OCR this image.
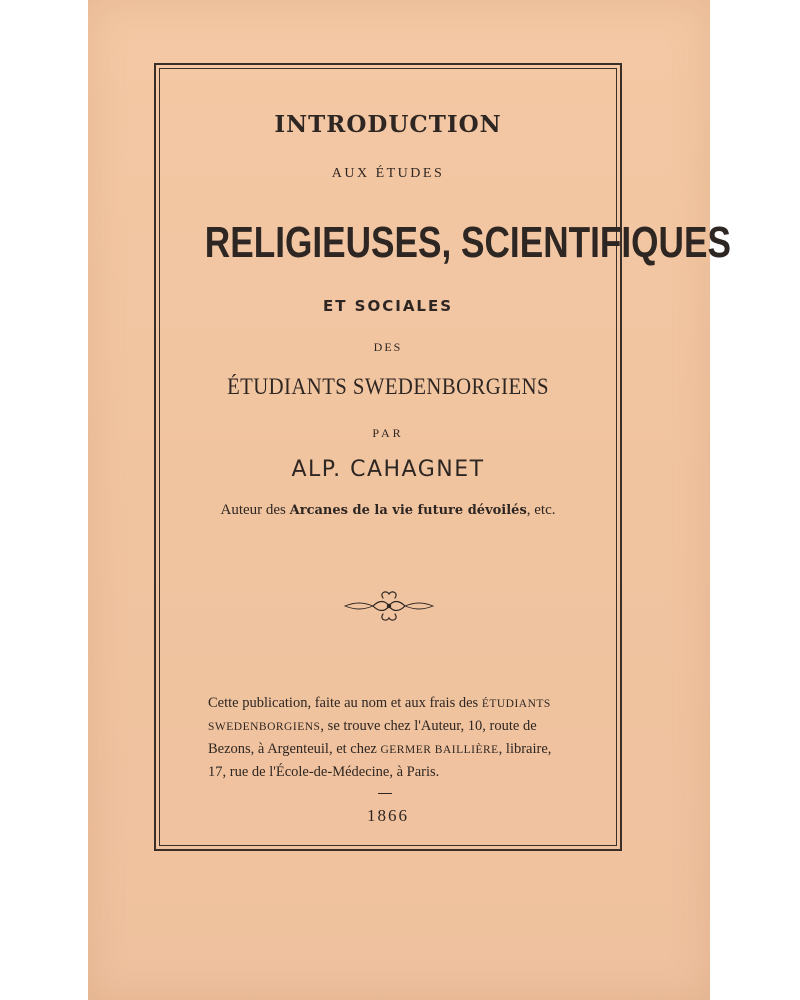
INTRODUCTION
AUX ÉTUDES
RELIGIEUSES, SCIENTIFIQUES
ET SOCIALES
DES
ÉTUDIANTS SWEDENBORGIENS
PAR
ALP. CAHAGNET
Auteur des Arcanes de la vie future dévoilés, etc.

Cette publication, faite au nom et aux frais des ÉTUDIANTS

SWEDENBORGIENS, se trouve chez l'Auteur, 10, route de

Bezons, à Argenteuil, et chez GERMER BAILLIÈRE, libraire,

17, rue de l'École-de-Médecine, à Paris.

1866
